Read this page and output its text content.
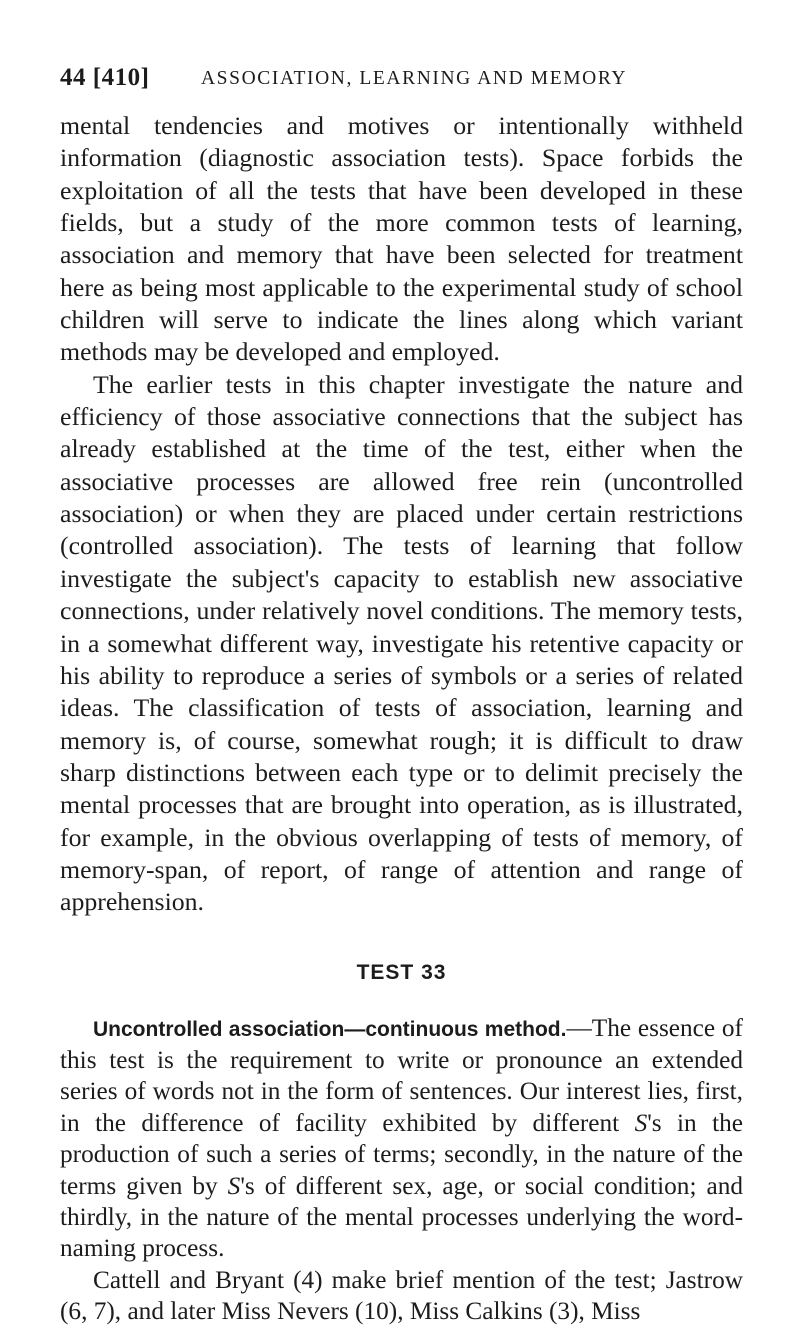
44 [410]	ASSOCIATION, LEARNING AND MEMORY

mental tendencies and motives or intentionally withheld information (diagnostic association tests). Space forbids the exploitation of all the tests that have been developed in these fields, but a study of the more common tests of learning, association and memory that have been selected for treatment here as being most applicable to the experimental study of school children will serve to indicate the lines along which variant methods may be developed and employed.

The earlier tests in this chapter investigate the nature and efficiency of those associative connections that the subject has already established at the time of the test, either when the associative processes are allowed free rein (uncontrolled association) or when they are placed under certain restrictions (controlled association). The tests of learning that follow investigate the subject's capacity to establish new associative connections, under relatively novel conditions. The memory tests, in a somewhat different way, investigate his retentive capacity or his ability to reproduce a series of symbols or a series of related ideas. The classification of tests of association, learning and memory is, of course, somewhat rough; it is difficult to draw sharp distinctions between each type or to delimit precisely the mental processes that are brought into operation, as is illustrated, for example, in the obvious overlapping of tests of memory, of memory-span, of report, of range of attention and range of apprehension.

TEST 33

Uncontrolled association—continuous method.—The essence of this test is the requirement to write or pronounce an extended series of words not in the form of sentences. Our interest lies, first, in the difference of facility exhibited by different S's in the production of such a series of terms; secondly, in the nature of the terms given by S's of different sex, age, or social condition; and thirdly, in the nature of the mental processes underlying the word-naming process.

Cattell and Bryant (4) make brief mention of the test; Jastrow (6, 7), and later Miss Nevers (10), Miss Calkins (3), Miss
